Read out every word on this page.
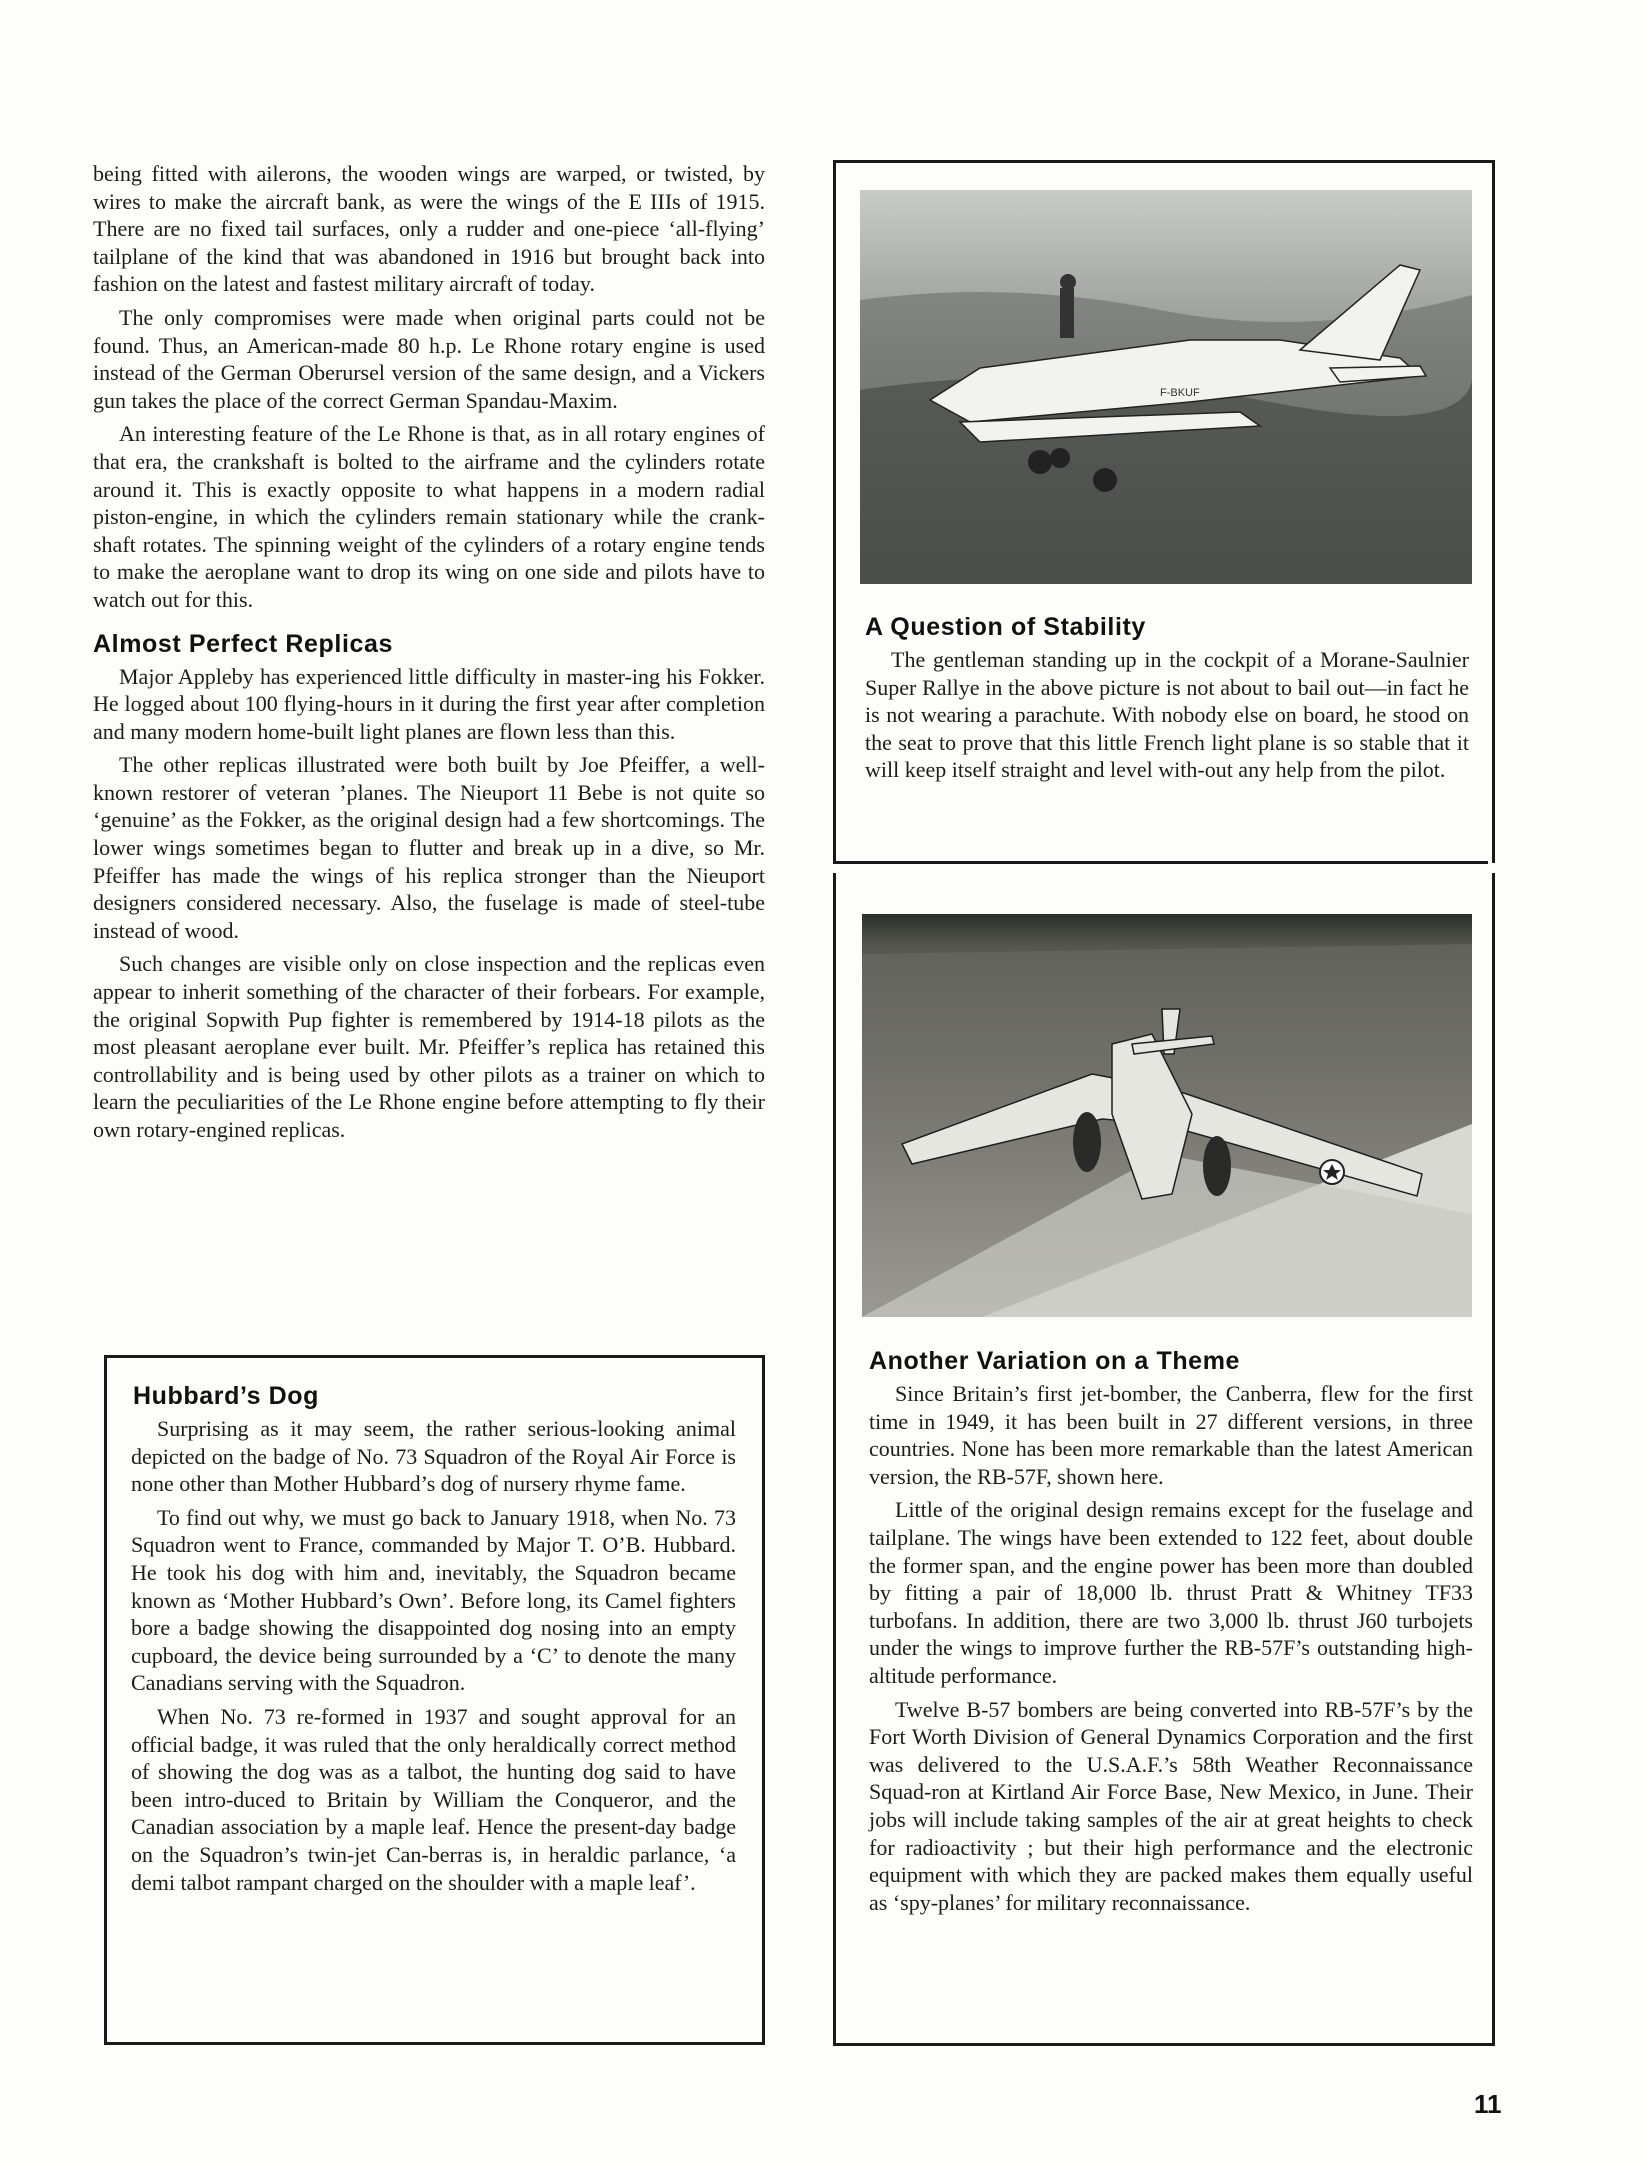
being fitted with ailerons, the wooden wings are warped, or twisted, by wires to make the aircraft bank, as were the wings of the E IIIs of 1915. There are no fixed tail surfaces, only a rudder and one-piece ‘all-flying’ tailplane of the kind that was abandoned in 1916 but brought back into fashion on the latest and fastest military aircraft of today.

The only compromises were made when original parts could not be found. Thus, an American-made 80 h.p. Le Rhone rotary engine is used instead of the German Oberursel version of the same design, and a Vickers gun takes the place of the correct German Spandau-Maxim.

An interesting feature of the Le Rhone is that, as in all rotary engines of that era, the crankshaft is bolted to the airframe and the cylinders rotate around it. This is exactly opposite to what happens in a modern radial piston-engine, in which the cylinders remain stationary while the crank-shaft rotates. The spinning weight of the cylinders of a rotary engine tends to make the aeroplane want to drop its wing on one side and pilots have to watch out for this.

Almost Perfect Replicas

Major Appleby has experienced little difficulty in master-ing his Fokker. He logged about 100 flying-hours in it during the first year after completion and many modern home-built light planes are flown less than this.

The other replicas illustrated were both built by Joe Pfeiffer, a well-known restorer of veteran ’planes. The Nieuport 11 Bebe is not quite so ‘genuine’ as the Fokker, as the original design had a few shortcomings. The lower wings sometimes began to flutter and break up in a dive, so Mr. Pfeiffer has made the wings of his replica stronger than the Nieuport designers considered necessary. Also, the fuselage is made of steel-tube instead of wood.

Such changes are visible only on close inspection and the replicas even appear to inherit something of the character of their forbears. For example, the original Sopwith Pup fighter is remembered by 1914-18 pilots as the most pleasant aeroplane ever built. Mr. Pfeiffer’s replica has retained this controllability and is being used by other pilots as a trainer on which to learn the peculiarities of the Le Rhone engine before attempting to fly their own rotary-engined replicas.

Hubbard’s Dog

Surprising as it may seem, the rather serious-looking animal depicted on the badge of No. 73 Squadron of the Royal Air Force is none other than Mother Hubbard’s dog of nursery rhyme fame.

To find out why, we must go back to January 1918, when No. 73 Squadron went to France, commanded by Major T. O’B. Hubbard. He took his dog with him and, inevitably, the Squadron became known as ‘Mother Hubbard’s Own’. Before long, its Camel fighters bore a badge showing the disappointed dog nosing into an empty cupboard, the device being surrounded by a ‘C’ to denote the many Canadians serving with the Squadron.

When No. 73 re-formed in 1937 and sought approval for an official badge, it was ruled that the only heraldically correct method of showing the dog was as a talbot, the hunting dog said to have been intro-duced to Britain by William the Conqueror, and the Canadian association by a maple leaf. Hence the present-day badge on the Squadron’s twin-jet Can-berras is, in heraldic parlance, ‘a demi talbot rampant charged on the shoulder with a maple leaf’.

F-BKUF
A Question of Stability

The gentleman standing up in the cockpit of a Morane-Saulnier Super Rallye in the above picture is not about to bail out—in fact he is not wearing a parachute. With nobody else on board, he stood on the seat to prove that this little French light plane is so stable that it will keep itself straight and level with-out any help from the pilot.

Another Variation on a Theme

Since Britain’s first jet-bomber, the Canberra, flew for the first time in 1949, it has been built in 27 different versions, in three countries. None has been more remarkable than the latest American version, the RB-57F, shown here.

Little of the original design remains except for the fuselage and tailplane. The wings have been extended to 122 feet, about double the former span, and the engine power has been more than doubled by fitting a pair of 18,000 lb. thrust Pratt & Whitney TF33 turbofans. In addition, there are two 3,000 lb. thrust J60 turbojets under the wings to improve further the RB-57F’s outstanding high-altitude performance.

Twelve B-57 bombers are being converted into RB-57F’s by the Fort Worth Division of General Dynamics Corporation and the first was delivered to the U.S.A.F.’s 58th Weather Reconnaissance Squad-ron at Kirtland Air Force Base, New Mexico, in June. Their jobs will include taking samples of the air at great heights to check for radioactivity ; but their high performance and the electronic equipment with which they are packed makes them equally useful as ‘spy-planes’ for military reconnaissance.

11
